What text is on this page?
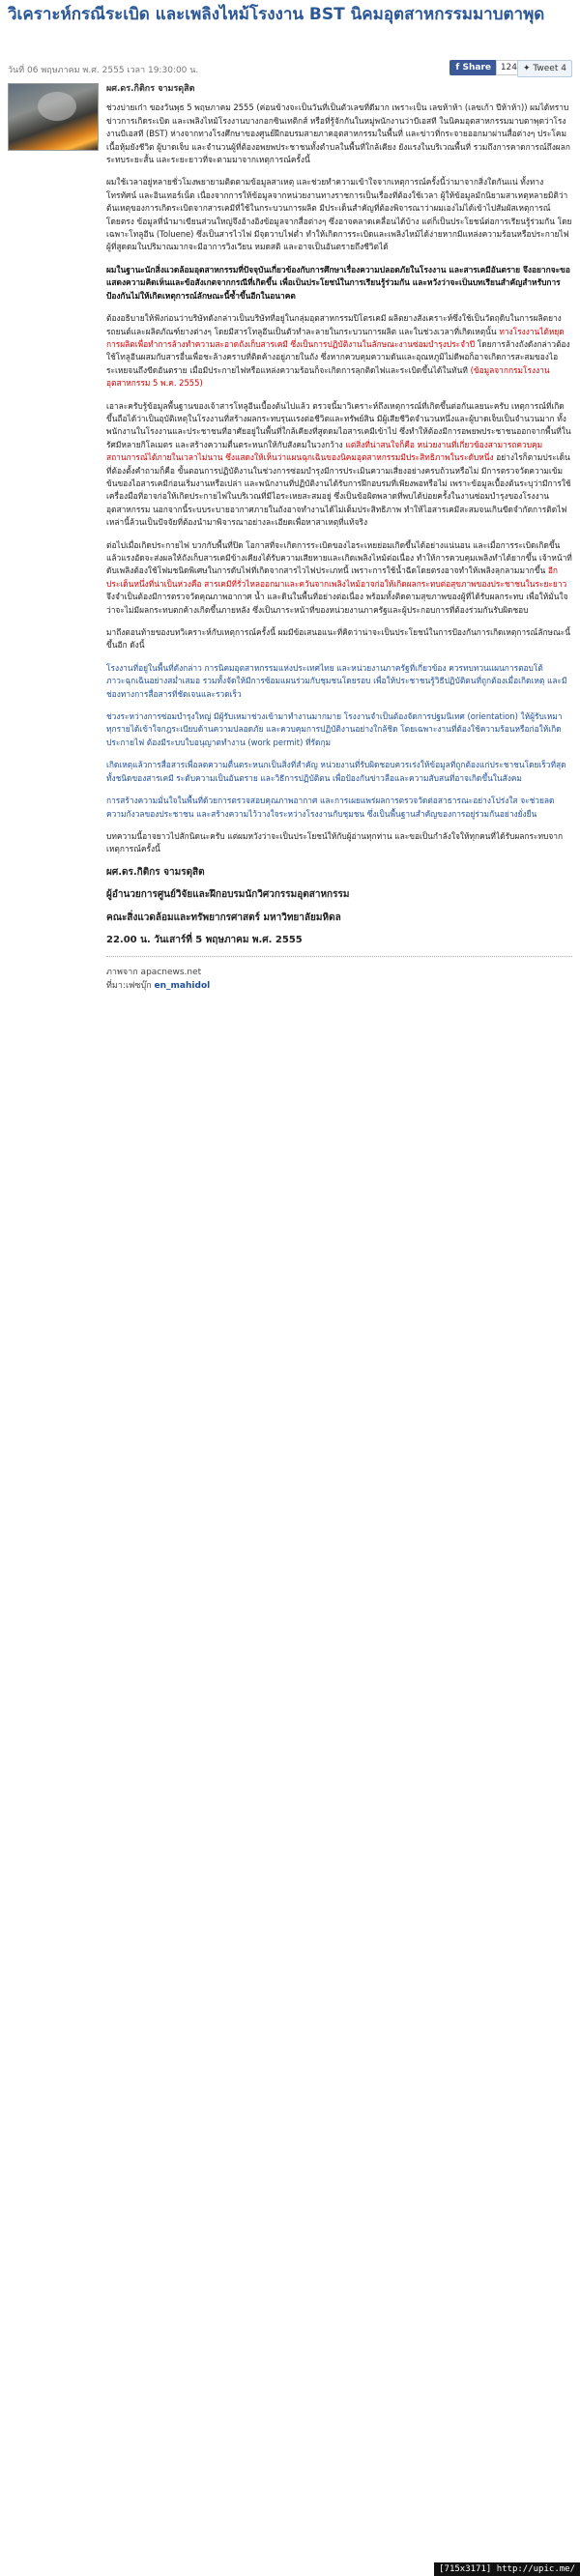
วิเคราะห์กรณีระเบิด และเพลิงไหม้โรงงาน BST นิคมอุตสาหกรรมมาบตาพุด
วันที่ 06 พฤษภาคม พ.ศ. 2555 เวลา 19:30:00 น.	f Share	124 ✦ Tweet 4
ผศ.ดร.กิติกร จามรดุสิต

ช่วงบ่ายเก๋า ของวันพุธ 5 พฤษภาคม 2555 (ค่อนข้างจะเป็นวันที่เป็นตัวเลขที่ดีมาก เพราะเป็น เลขห้าห้า (เลขเก้า ปีห้าห้า)) ผมได้ทราบข่าวการเกิดระเบิด และเพลิงไหม้โรงงานบางกอกซินเทติกส์ หรือที่รู้จักกันในหมู่พนักงานว่าบีเอสที ในนิคมอุตสาหกรรมมาบตาพุดว่าโรงงานบีเอสที (BST) ห่างจากทางโรงศึกษาของศูนย์ฝึกอบรมสายภาคอุตสาหกรรมในพื้นที่ และข่าวที่กระจายออกมาผ่านสื่อต่างๆ ประโคมเนื้อหุ้มยังชีวิต ผู้บาดเจ็บ และจำนวนผู้ที่ต้องอพยพประชาชนทั้งตำบลในพื้นที่ใกล้เคียง ยังแรงในบริเวณพื้นที่ รวมถึงการคาดการณ์ถึงผลกระทบระยะสั้น และระยะยาวที่จะตามมาจากเหตุการณ์ครั้งนี้

ผมใช้เวลาอยู่หลายชั่วโมงพยายามติดตามข้อมูลสาเหตุ และช่วยทำความเข้าใจจากเหตุการณ์ครั้งนี้ว่ามาจากสิ่งใดกันแน่ ทั้งทางโทรทัศน์ และอินเทอร์เน็ต เนื่องจากการให้ข้อมูลจากหน่วยงานทางราชการเป็นเรื่องที่ต้องใช้เวลา ผู้ให้ข้อมูลมักนิยามสาเหตุหลายมิติว่า ต้นเหตุของการเกิดระเบิดจากสารเคมีที่ใช้ในกระบวนการผลิต มีประเด็นสำคัญที่ต้องพิจารณาว่าผมเองไม่ได้เข้าไปสัมผัสเหตุการณ์โดยตรง ข้อมูลที่นำมาเขียนส่วนใหญ่จึงอ้างอิงข้อมูลจากสื่อต่างๆ ซึ่งอาจคลาดเคลื่อนได้บ้าง แต่ก็เป็นประโยชน์ต่อการเรียนรู้ร่วมกัน โดยเฉพาะโทลูอีน (Toluene) ซึ่งเป็นสารไวไฟ มีจุดวาบไฟต่ำ ทำให้เกิดการระเบิดและเพลิงไหม้ได้ง่ายหากมีแหล่งความร้อนหรือประกายไฟ ผู้ที่สูดดมในปริมาณมากจะมีอาการวิงเวียน หมดสติ และอาจเป็นอันตรายถึงชีวิตได้

ผมในฐานะนักสิ่งแวดล้อมอุตสาหกรรมที่ปัจจุบันเกี่ยวข้องกับการศึกษาเรื่องความปลอดภัยในโรงงาน และสารเคมีอันตราย จึงอยากจะขอแสดงความคิดเห็นและข้อสังเกตจากกรณีที่เกิดขึ้น เพื่อเป็นประโยชน์ในการเรียนรู้ร่วมกัน และหวังว่าจะเป็นบทเรียนสำคัญสำหรับการป้องกันไม่ให้เกิดเหตุการณ์ลักษณะนี้ซ้ำขึ้นอีกในอนาคต

ต้องอธิบายให้ฟังก่อนว่าบริษัทดังกล่าวเป็นบริษัทที่อยู่ในกลุ่มอุตสาหกรรมปิโตรเคมี ผลิตยางสังเคราะห์ซึ่งใช้เป็นวัตถุดิบในการผลิตยางรถยนต์และผลิตภัณฑ์ยางต่างๆ โดยมีสารโทลูอีนเป็นตัวทำละลายในกระบวนการผลิต และในช่วงเวลาที่เกิดเหตุนั้น ทางโรงงานได้หยุดการผลิตเพื่อทำการล้างทำความสะอาดถังเก็บสารเคมี ซึ่งเป็นการปฏิบัติงานในลักษณะงานซ่อมบำรุงประจำปี โดยการล้างถังดังกล่าวต้องใช้โทลูอีนผสมกับสารอื่นเพื่อชะล้างคราบที่ติดค้างอยู่ภายในถัง ซึ่งหากควบคุมความดันและอุณหภูมิไม่ดีพอก็อาจเกิดการสะสมของไอระเหยจนถึงขีดอันตราย เมื่อมีประกายไฟหรือแหล่งความร้อนก็จะเกิดการลุกติดไฟและระเบิดขึ้นได้ในทันที (ข้อมูลจากกรมโรงงานอุตสาหกรรม 5 พ.ค. 2555)

เอาละครับรู้ข้อมูลพื้นฐานของเจ้าสารโทลูอีนเบื้องต้นไปแล้ว ตรวจนี้มาวิเคราะห์ถึงเหตุการณ์ที่เกิดขึ้นต่อกันเลยนะครับ เหตุการณ์ที่เกิดขึ้นถือได้ว่าเป็นอุบัติเหตุในโรงงานที่สร้างผลกระทบรุนแรงต่อชีวิตและทรัพย์สิน มีผู้เสียชีวิตจำนวนหนึ่งและผู้บาดเจ็บเป็นจำนวนมาก ทั้งพนักงานในโรงงานและประชาชนที่อาศัยอยู่ในพื้นที่ใกล้เคียงที่สูดดมไอสารเคมีเข้าไป ซึ่งทำให้ต้องมีการอพยพประชาชนออกจากพื้นที่ในรัศมีหลายกิโลเมตร และสร้างความตื่นตระหนกให้กับสังคมในวงกว้าง แต่สิ่งที่น่าสนใจก็คือ หน่วยงานที่เกี่ยวข้องสามารถควบคุมสถานการณ์ได้ภายในเวลาไม่นาน ซึ่งแสดงให้เห็นว่าแผนฉุกเฉินของนิคมอุตสาหกรรมมีประสิทธิภาพในระดับหนึ่ง อย่างไรก็ตามประเด็นที่ต้องตั้งคำถามก็คือ ขั้นตอนการปฏิบัติงานในช่วงการซ่อมบำรุงมีการประเมินความเสี่ยงอย่างครบถ้วนหรือไม่ มีการตรวจวัดความเข้มข้นของไอสารเคมีก่อนเริ่มงานหรือเปล่า และพนักงานที่ปฏิบัติงานได้รับการฝึกอบรมที่เพียงพอหรือไม่ เพราะข้อมูลเบื้องต้นระบุว่ามีการใช้เครื่องมือที่อาจก่อให้เกิดประกายไฟในบริเวณที่มีไอระเหยสะสมอยู่ ซึ่งเป็นข้อผิดพลาดที่พบได้บ่อยครั้งในงานซ่อมบำรุงของโรงงานอุตสาหกรรม นอกจากนี้ระบบระบายอากาศภายในถังอาจทำงานได้ไม่เต็มประสิทธิภาพ ทำให้ไอสารเคมีสะสมจนเกินขีดจำกัดการติดไฟ เหล่านี้ล้วนเป็นปัจจัยที่ต้องนำมาพิจารณาอย่างละเอียดเพื่อหาสาเหตุที่แท้จริง

ต่อไปเมื่อเกิดประกายไฟ บวกกับพื้นที่ปิด โอกาสที่จะเกิดการระเบิดของไอระเหยย่อมเกิดขึ้นได้อย่างแน่นอน และเมื่อการระเบิดเกิดขึ้นแล้วแรงอัดจะส่งผลให้ถังเก็บสารเคมีข้างเคียงได้รับความเสียหายและเกิดเพลิงไหม้ต่อเนื่อง ทำให้การควบคุมเพลิงทำได้ยากขึ้น เจ้าหน้าที่ดับเพลิงต้องใช้โฟมชนิดพิเศษในการดับไฟที่เกิดจากสารไวไฟประเภทนี้ เพราะการใช้น้ำฉีดโดยตรงอาจทำให้เพลิงลุกลามมากขึ้น อีกประเด็นหนึ่งที่น่าเป็นห่วงคือ สารเคมีที่รั่วไหลออกมาและควันจากเพลิงไหม้อาจก่อให้เกิดผลกระทบต่อสุขภาพของประชาชนในระยะยาว จึงจำเป็นต้องมีการตรวจวัดคุณภาพอากาศ น้ำ และดินในพื้นที่อย่างต่อเนื่อง พร้อมทั้งติดตามสุขภาพของผู้ที่ได้รับผลกระทบ เพื่อให้มั่นใจว่าจะไม่มีผลกระทบตกค้างเกิดขึ้นภายหลัง ซึ่งเป็นภาระหน้าที่ของหน่วยงานภาครัฐและผู้ประกอบการที่ต้องร่วมกันรับผิดชอบ

มาถึงตอนท้ายของบทวิเคราะห์กับเหตุการณ์ครั้งนี้ ผมมีข้อเสนอแนะที่คิดว่าน่าจะเป็นประโยชน์ในการป้องกันการเกิดเหตุการณ์ลักษณะนี้ขึ้นอีก ดังนี้

โรงงานที่อยู่ในพื้นที่ดังกล่าว การนิคมอุตสาหกรรมแห่งประเทศไทย และหน่วยงานภาครัฐที่เกี่ยวข้อง ควรทบทวนแผนการตอบโต้ภาวะฉุกเฉินอย่างสม่ำเสมอ รวมทั้งจัดให้มีการซ้อมแผนร่วมกับชุมชนโดยรอบ เพื่อให้ประชาชนรู้วิธีปฏิบัติตนที่ถูกต้องเมื่อเกิดเหตุ และมีช่องทางการสื่อสารที่ชัดเจนและรวดเร็ว

ช่วงระหว่างการซ่อมบำรุงใหญ่ มีผู้รับเหมาช่วงเข้ามาทำงานมากมาย โรงงานจำเป็นต้องจัดการปฐมนิเทศ (orientation) ให้ผู้รับเหมาทุกรายได้เข้าใจกฎระเบียบด้านความปลอดภัย และควบคุมการปฏิบัติงานอย่างใกล้ชิด โดยเฉพาะงานที่ต้องใช้ความร้อนหรือก่อให้เกิดประกายไฟ ต้องมีระบบใบอนุญาตทำงาน (work permit) ที่รัดกุม

เกิดเหตุแล้วการสื่อสารเพื่อลดความตื่นตระหนกเป็นสิ่งที่สำคัญ หน่วยงานที่รับผิดชอบควรเร่งให้ข้อมูลที่ถูกต้องแก่ประชาชนโดยเร็วที่สุด ทั้งชนิดของสารเคมี ระดับความเป็นอันตราย และวิธีการปฏิบัติตน เพื่อป้องกันข่าวลือและความสับสนที่อาจเกิดขึ้นในสังคม

การสร้างความมั่นใจในพื้นที่ด้วยการตรวจสอบคุณภาพอากาศ และการเผยแพร่ผลการตรวจวัดต่อสาธารณะอย่างโปร่งใส จะช่วยลดความกังวลของประชาชน และสร้างความไว้วางใจระหว่างโรงงานกับชุมชน ซึ่งเป็นพื้นฐานสำคัญของการอยู่ร่วมกันอย่างยั่งยืน

บทความนี้อาจยาวไปสักนิดนะครับ แต่ผมหวังว่าจะเป็นประโยชน์ให้กับผู้อ่านทุกท่าน และขอเป็นกำลังใจให้ทุกคนที่ได้รับผลกระทบจากเหตุการณ์ครั้งนี้

ผศ.ดร.กิติกร จามรดุสิต
ผู้อำนวยการศูนย์วิจัยและฝึกอบรมนักวิศวกรรมอุตสาหกรรม
คณะสิ่งแวดล้อมและทรัพยากรศาสตร์ มหาวิทยาลัยมหิดล
22.00 น. วันเสาร์ที่ 5 พฤษภาคม พ.ศ. 2555
ภาพจาก apacnews.net
ที่มา:เฟซบุ๊ก en_mahidol
[715x3171] http://upic.me/
